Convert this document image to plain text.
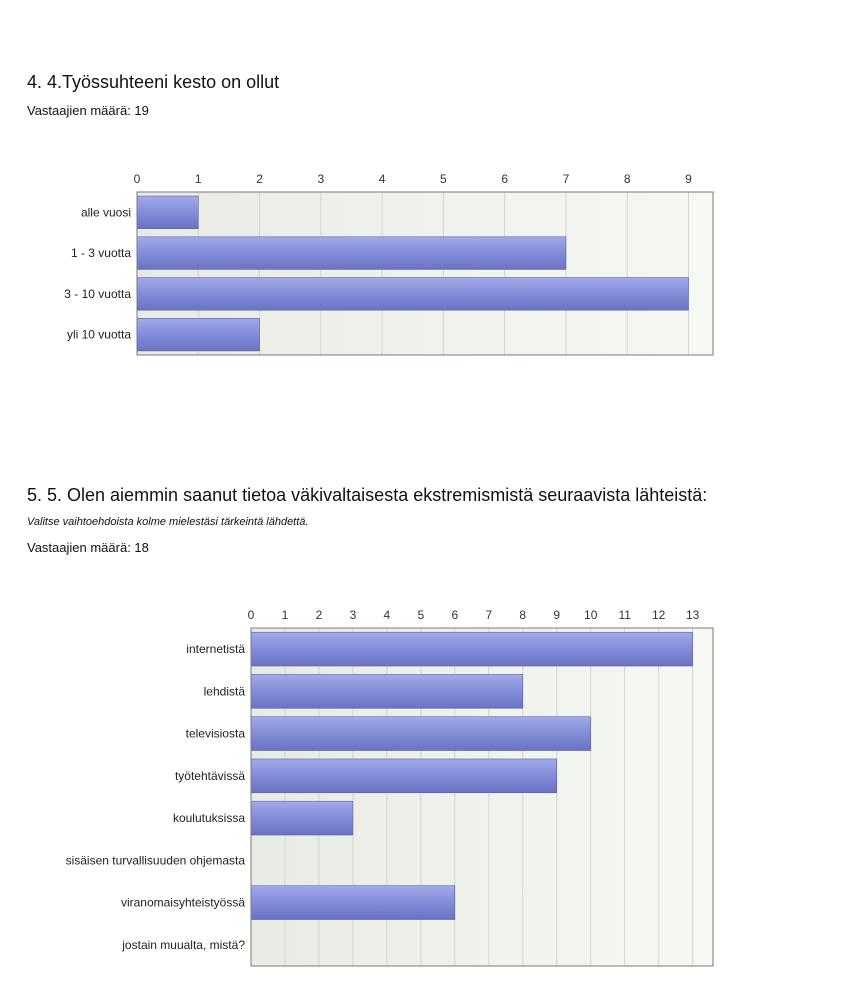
4. 4.Työssuhteeni kesto on ollut
Vastaajien määrä: 19
0	1	2	3	4	5	6	7	8	9
alle vuosi
1 - 3 vuotta
3 - 10 vuotta
yli 10 vuotta
5. 5. Olen aiemmin saanut tietoa väkivaltaisesta ekstremismistä seuraavista lähteistä:
Valitse vaihtoehdoista kolme mielestäsi tärkeintä lähdettä.
Vastaajien määrä: 18
0 1 2 3 4 5 6 7 8 9 10 11 12 13
internetistä
lehdistä
televisiosta
työtehtävissä
koulutuksissa
sisäisen turvallisuuden ohjemasta
viranomaisyhteistyössä
jostain muualta, mistä?
